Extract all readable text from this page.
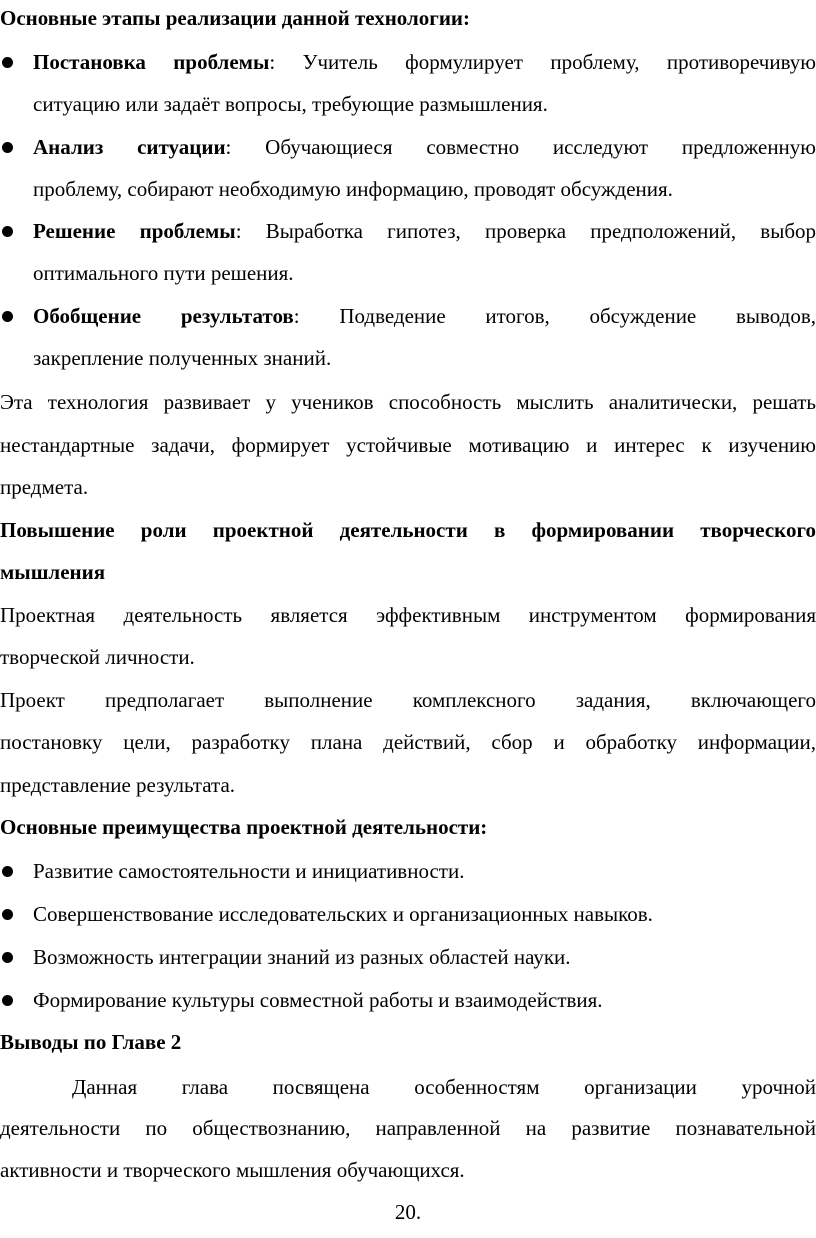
Основные этапы реализации данной технологии:
Постановка проблемы: Учитель формулирует проблему, противоречивую
ситуацию или задаёт вопросы, требующие размышления.
Анализ ситуации: Обучающиеся совместно исследуют предложенную
проблему, собирают необходимую информацию, проводят обсуждения.
Решение проблемы: Выработка гипотез, проверка предположений, выбор
оптимального пути решения.
Обобщение результатов: Подведение итогов, обсуждение выводов,
закрепление полученных знаний.
Эта технология развивает у учеников способность мыслить аналитически, решать
нестандартные задачи, формирует устойчивые мотивацию и интерес к изучению
предмета.
Повышение роли проектной деятельности в формировании творческого
мышления
Проектная деятельность является эффективным инструментом формирования
творческой личности.
Проект предполагает выполнение комплексного задания, включающего
постановку цели, разработку плана действий, сбор и обработку информации,
представление результата.
Основные преимущества проектной деятельности:
Развитие самостоятельности и инициативности.
Совершенствование исследовательских и организационных навыков.
Возможность интеграции знаний из разных областей науки.
Формирование культуры совместной работы и взаимодействия.
Выводы по Главе 2
Данная глава посвящена особенностям организации урочной
деятельности по обществознанию, направленной на развитие познавательной
активности и творческого мышления обучающихся.
20.
